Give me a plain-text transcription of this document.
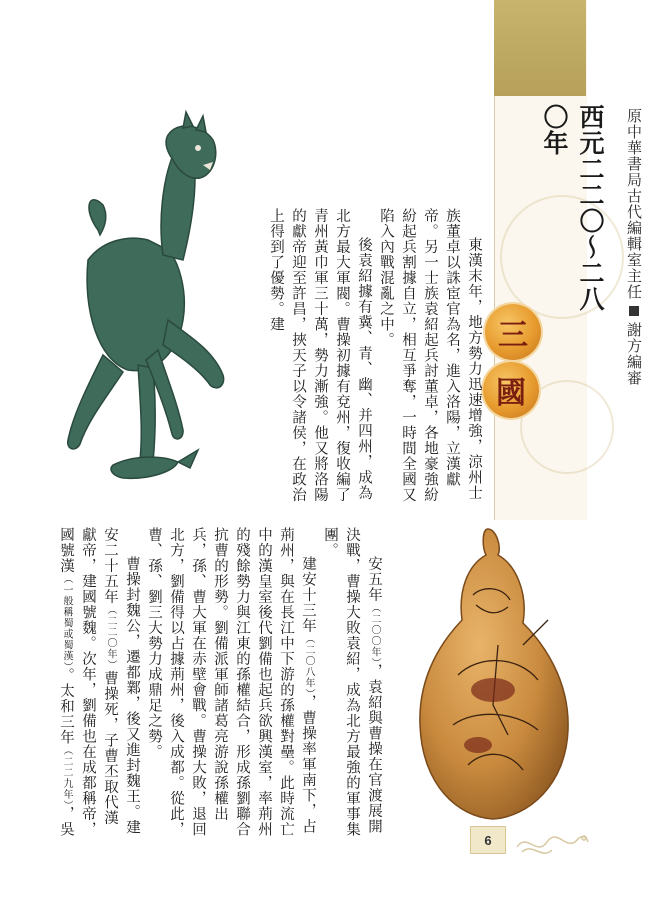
原中華書局古代編輯室主任謝方編審
西元二二〇～二八〇年
三
國

東漢末年，地方勢力迅速增強，涼州士族董卓以誅宦官為名，進入洛陽，立漢獻帝。另一士族袁紹起兵討董卓，各地豪強紛紛起兵割據自立，相互爭奪，一時間全國又陷入內戰混亂之中。

後袁紹據有冀、青、幽、并四州，成為北方最大軍閥。曹操初據有兗州，復收編了青州黃巾軍三十萬，勢力漸強。他又將洛陽的獻帝迎至許昌，挾天子以令諸侯，在政治上得到了優勢。建

安五年（二〇〇年），袁紹與曹操在官渡展開決戰，曹操大敗袁紹，成為北方最強的軍事集團。

建安十三年（二〇八年），曹操率軍南下，占荊州，與在長江中下游的孫權對壘。此時流亡中的漢皇室後代劉備也起兵欲興漢室，率荊州的殘餘勢力與江東的孫權結合，形成孫劉聯合抗曹的形勢。劉備派軍師諸葛亮游說孫權出兵，孫、曹大軍在赤壁會戰。曹操大敗，退回北方，劉備得以占據荊州，後入成都。從此，曹、孫、劉三大勢力成鼎足之勢。

曹操封魏公，遷都鄴，後又進封魏王。建安二十五年（二二〇年）曹操死，子曹丕取代漢獻帝，建國號魏。次年，劉備也在成都稱帝，國號漢（一般稱蜀或蜀漢）。太和三年（二二九年），吳

6
